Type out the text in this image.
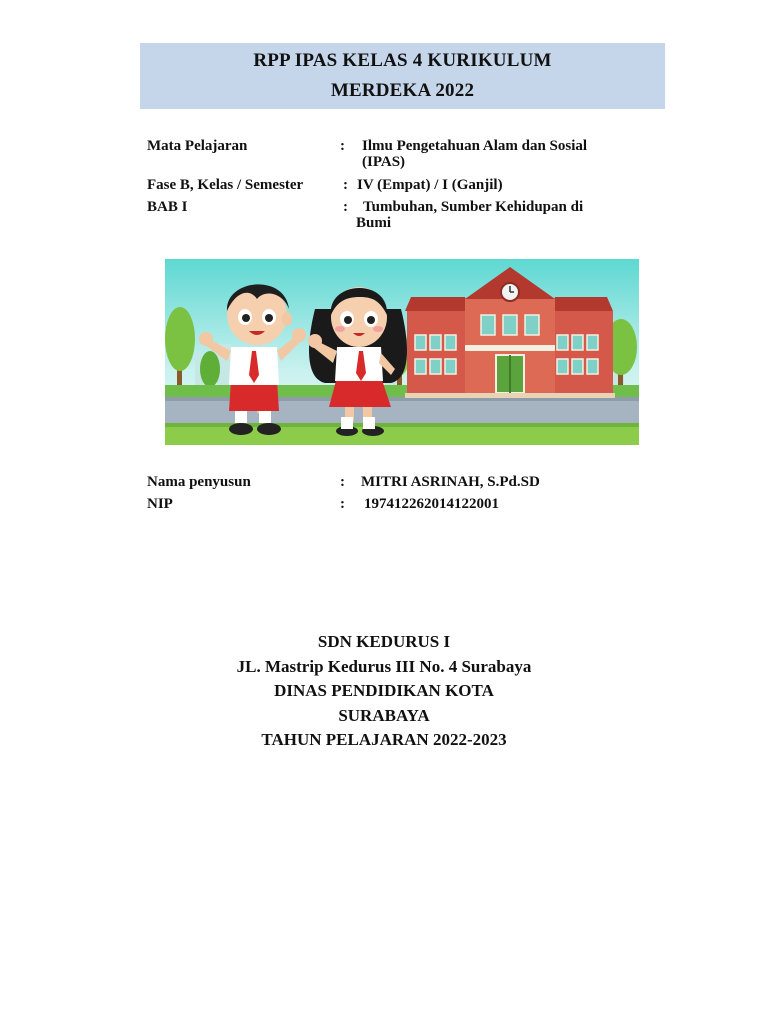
RPP IPAS KELAS 4 KURIKULUM
MERDEKA 2022
Mata Pelajaran	: Ilmu Pengetahuan Alam dan Sosial
(IPAS)
Fase B, Kelas / Semester	: IV (Empat) / I (Ganjil)
BAB I	: Tumbuhan, Sumber Kehidupan di
Bumi
Nama penyusun	: MITRI ASRINAH, S.Pd.SD
NIP	: 197412262014122001
SDN KEDURUS I
JL. Mastrip Kedurus III No. 4 Surabaya
DINAS PENDIDIKAN KOTA
SURABAYA
TAHUN PELAJARAN 2022-2023
